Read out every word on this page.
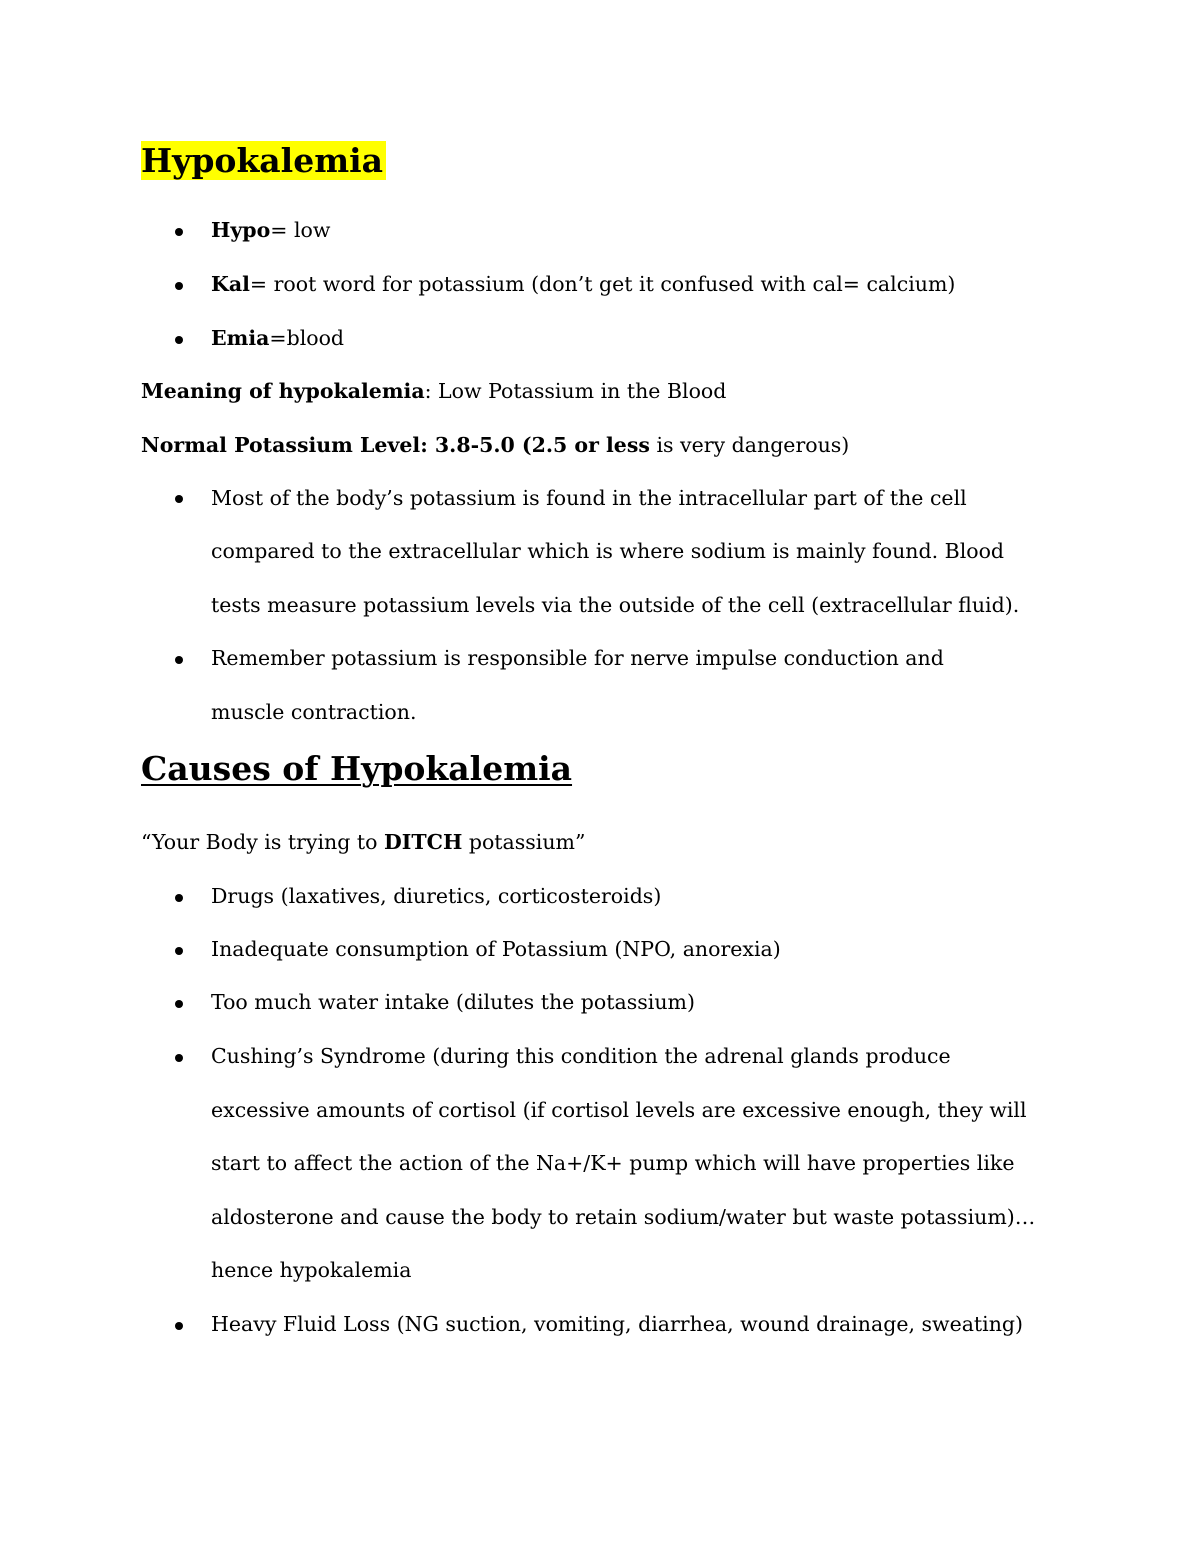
Hypokalemia
Hypo= low
Kal= root word for potassium (don’t get it confused with cal= calcium)
Emia=blood
Meaning of hypokalemia: Low Potassium in the Blood
Normal Potassium Level: 3.8-5.0 (2.5 or less is very dangerous)
Most of the body’s potassium is found in the intracellular part of the cell
compared to the extracellular which is where sodium is mainly found. Blood
tests measure potassium levels via the outside of the cell (extracellular fluid).
Remember potassium is responsible for nerve impulse conduction and
muscle contraction.
Causes of Hypokalemia
“Your Body is trying to DITCH potassium”
Drugs (laxatives, diuretics, corticosteroids)
Inadequate consumption of Potassium (NPO, anorexia)
Too much water intake (dilutes the potassium)
Cushing’s Syndrome (during this condition the adrenal glands produce
excessive amounts of cortisol (if cortisol levels are excessive enough, they will
start to affect the action of the Na+/K+ pump which will have properties like
aldosterone and cause the body to retain sodium/water but waste potassium)…
hence hypokalemia
Heavy Fluid Loss (NG suction, vomiting, diarrhea, wound drainage, sweating)
